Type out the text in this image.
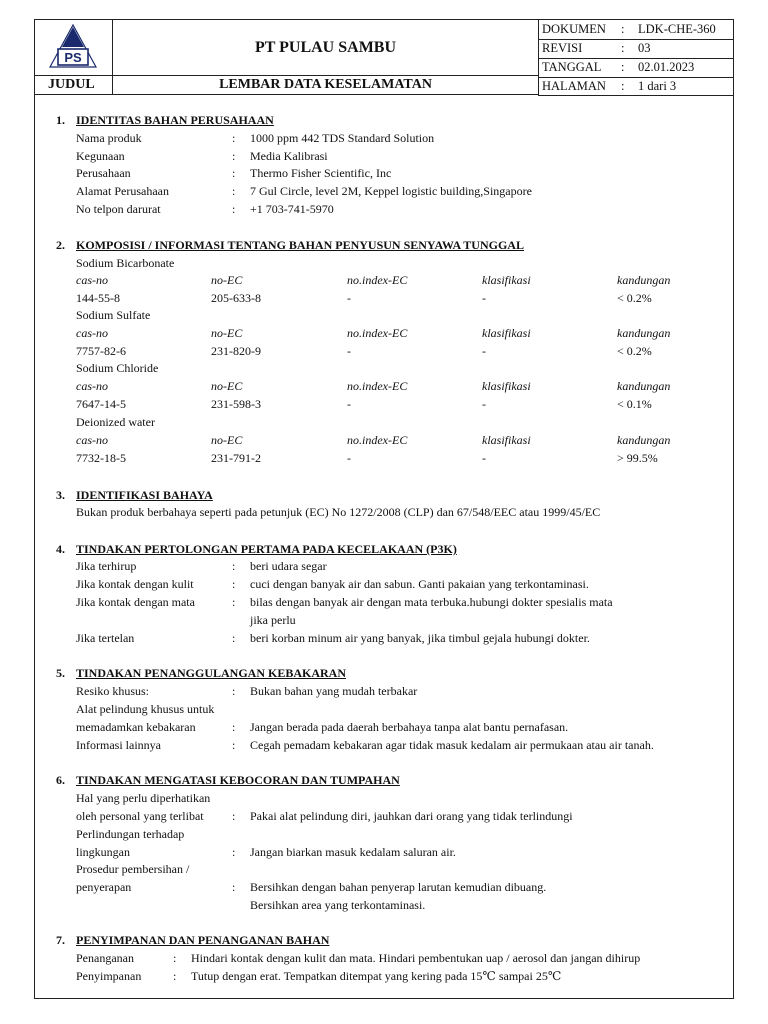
PS
PT PULAU SAMBU
JUDUL	LEMBAR DATA KESELAMATAN
DOKUMEN : LDK-CHE-360
REVISI	: 03
TANGGAL : 02.01.2023
HALAMAN : 1 dari 3
1. IDENTITAS BAHAN PERUSAHAAN
Nama produk	: 1000 ppm 442 TDS Standard Solution
Kegunaan	: Media Kalibrasi
Perusahaan	: Thermo Fisher Scientific, Inc
Alamat Perusahaan	: 7 Gul Circle, level 2M, Keppel logistic building,Singapore
No telpon darurat	: +1 703-741-5970
2. KOMPOSISI / INFORMASI TENTANG BAHAN PENYUSUN SENYAWA TUNGGAL
Sodium Bicarbonate
cas-no	no-EC	no.index-EC	klasifikasi	kandungan
144-55-8	205-633-8	-	-	< 0.2%
Sodium Sulfate
cas-no	no-EC	no.index-EC	klasifikasi	kandungan
7757-82-6	231-820-9	-	-	< 0.2%
Sodium Chloride
cas-no	no-EC	no.index-EC	klasifikasi	kandungan
7647-14-5	231-598-3	-	-	< 0.1%
Deionized water
cas-no	no-EC	no.index-EC	klasifikasi	kandungan
7732-18-5	231-791-2	-	-	> 99.5%
3. IDENTIFIKASI BAHAYA
Bukan produk berbahaya seperti pada petunjuk (EC) No 1272/2008 (CLP) dan 67/548/EEC atau 1999/45/EC
4. TINDAKAN PERTOLONGAN PERTAMA PADA KECELAKAAN (P3K)
Jika terhirup	: beri udara segar
Jika kontak dengan kulit	: cuci dengan banyak air dan sabun. Ganti pakaian yang terkontaminasi.
Jika kontak dengan mata	: bilas dengan banyak air dengan mata terbuka.hubungi dokter spesialis mata
jika perlu
Jika tertelan	: beri korban minum air yang banyak, jika timbul gejala hubungi dokter.
5. TINDAKAN PENANGGULANGAN KEBAKARAN
Resiko khusus:	: Bukan bahan yang mudah terbakar
Alat pelindung khusus untuk
memadamkan kebakaran	: Jangan berada pada daerah berbahaya tanpa alat bantu pernafasan.
Informasi lainnya	: Cegah pemadam kebakaran agar tidak masuk kedalam air permukaan atau air tanah.
6. TINDAKAN MENGATASI KEBOCORAN DAN TUMPAHAN
Hal yang perlu diperhatikan
oleh personal yang terlibat : Pakai alat pelindung diri, jauhkan dari orang yang tidak terlindungi
Perlindungan terhadap
lingkungan	: Jangan biarkan masuk kedalam saluran air.
Prosedur pembersihan /
penyerapan	: Bersihkan dengan bahan penyerap larutan kemudian dibuang.
Bersihkan area yang terkontaminasi.
7. PENYIMPANAN DAN PENANGANAN BAHAN
Penanganan	: Hindari kontak dengan kulit dan mata. Hindari pembentukan uap / aerosol dan jangan dihirup
Penyimpanan	: Tutup dengan erat. Tempatkan ditempat yang kering pada 15℃ sampai 25℃
